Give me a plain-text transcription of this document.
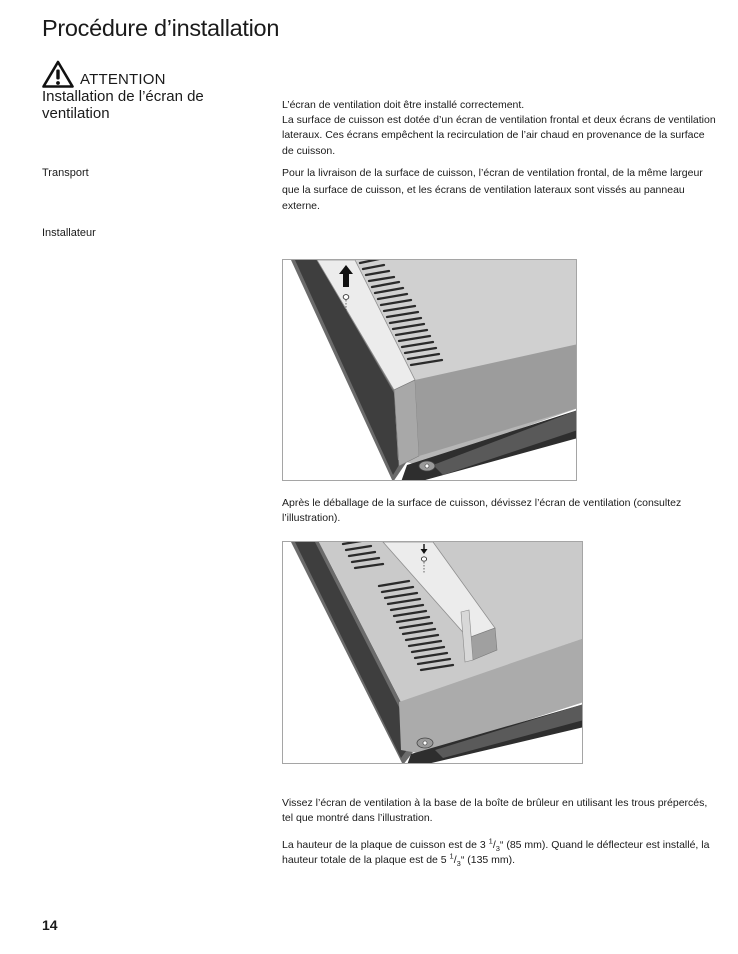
Procédure d’installation
ATTENTION
Installation de l’écran de ventilation	L’écran de ventilation doit être installé correctement.

La surface de cuisson est dotée d’un écran de ventilation frontal et deux écrans de ventilation lateraux. Ces écrans empêchent la recirculation de l’air chaud en provenance de la surface de cuisson.

Transport	Pour la livraison de la surface de cuisson, l’écran de ventilation frontal, de la même largeur que la surface de cuisson, et les écrans de ventilation lateraux sont vissés au panneau externe.
Installateur
Après le déballage de la surface de cuisson, dévissez l’écran de ventilation (consultez l’illustration).
Vissez l’écran de ventilation à la base de la boîte de brûleur en utilisant les trous prépercés, tel que montré dans l’illustration.
La hauteur de la plaque de cuisson est de 3 $^1/_3“$ (85 mm). Quand le déflecteur est installé, la hauteur totale de la plaque est de 5 $^1/_3“$ (135 mm).
14
